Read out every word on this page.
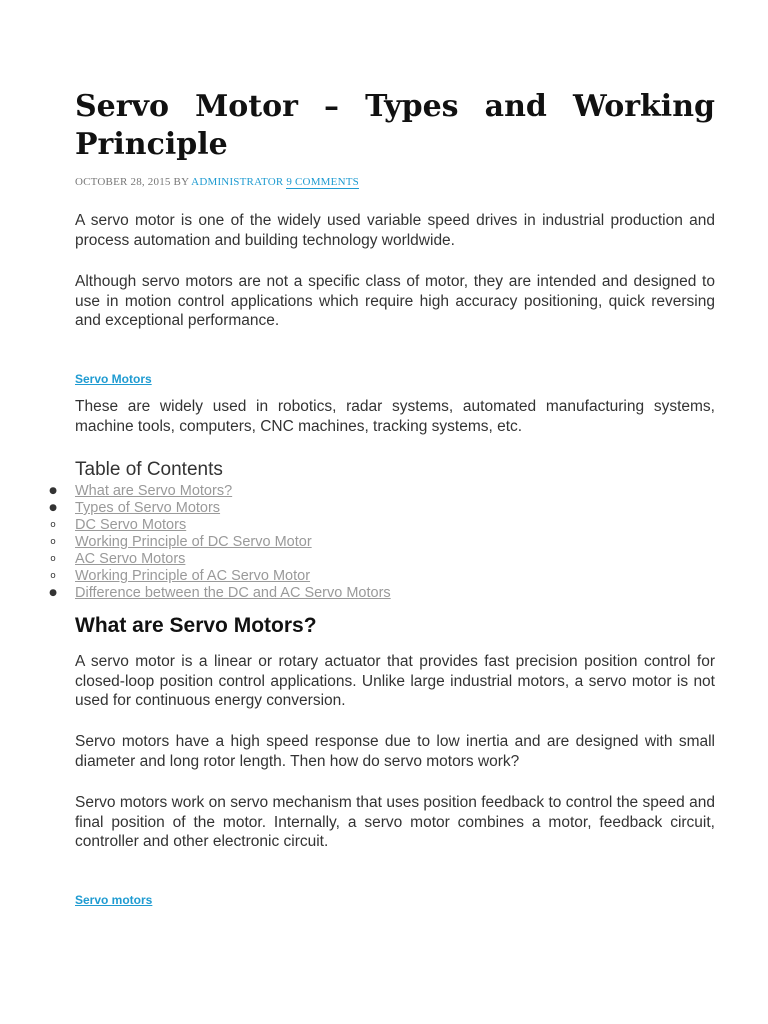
Servo Motor – Types and Working Principle
OCTOBER 28, 2015 BY ADMINISTRATOR 9 COMMENTS

A servo motor is one of the widely used variable speed drives in industrial production and process automation and building technology worldwide.

Although servo motors are not a specific class of motor, they are intended and designed to use in motion control applications which require high accuracy positioning, quick reversing and exceptional performance.

Servo Motors

These are widely used in robotics, radar systems, automated manufacturing systems, machine tools, computers, CNC machines, tracking systems, etc.

Table of Contents
● What are Servo Motors?
● Types of Servo Motors
o DC Servo Motors
o Working Principle of DC Servo Motor
o AC Servo Motors
o Working Principle of AC Servo Motor
● Difference between the DC and AC Servo Motors
What are Servo Motors?

A servo motor is a linear or rotary actuator that provides fast precision position control for closed-loop position control applications. Unlike large industrial motors, a servo motor is not used for continuous energy conversion.

Servo motors have a high speed response due to low inertia and are designed with small diameter and long rotor length. Then how do servo motors work?

Servo motors work on servo mechanism that uses position feedback to control the speed and final position of the motor. Internally, a servo motor combines a motor, feedback circuit, controller and other electronic circuit.

Servo motors
